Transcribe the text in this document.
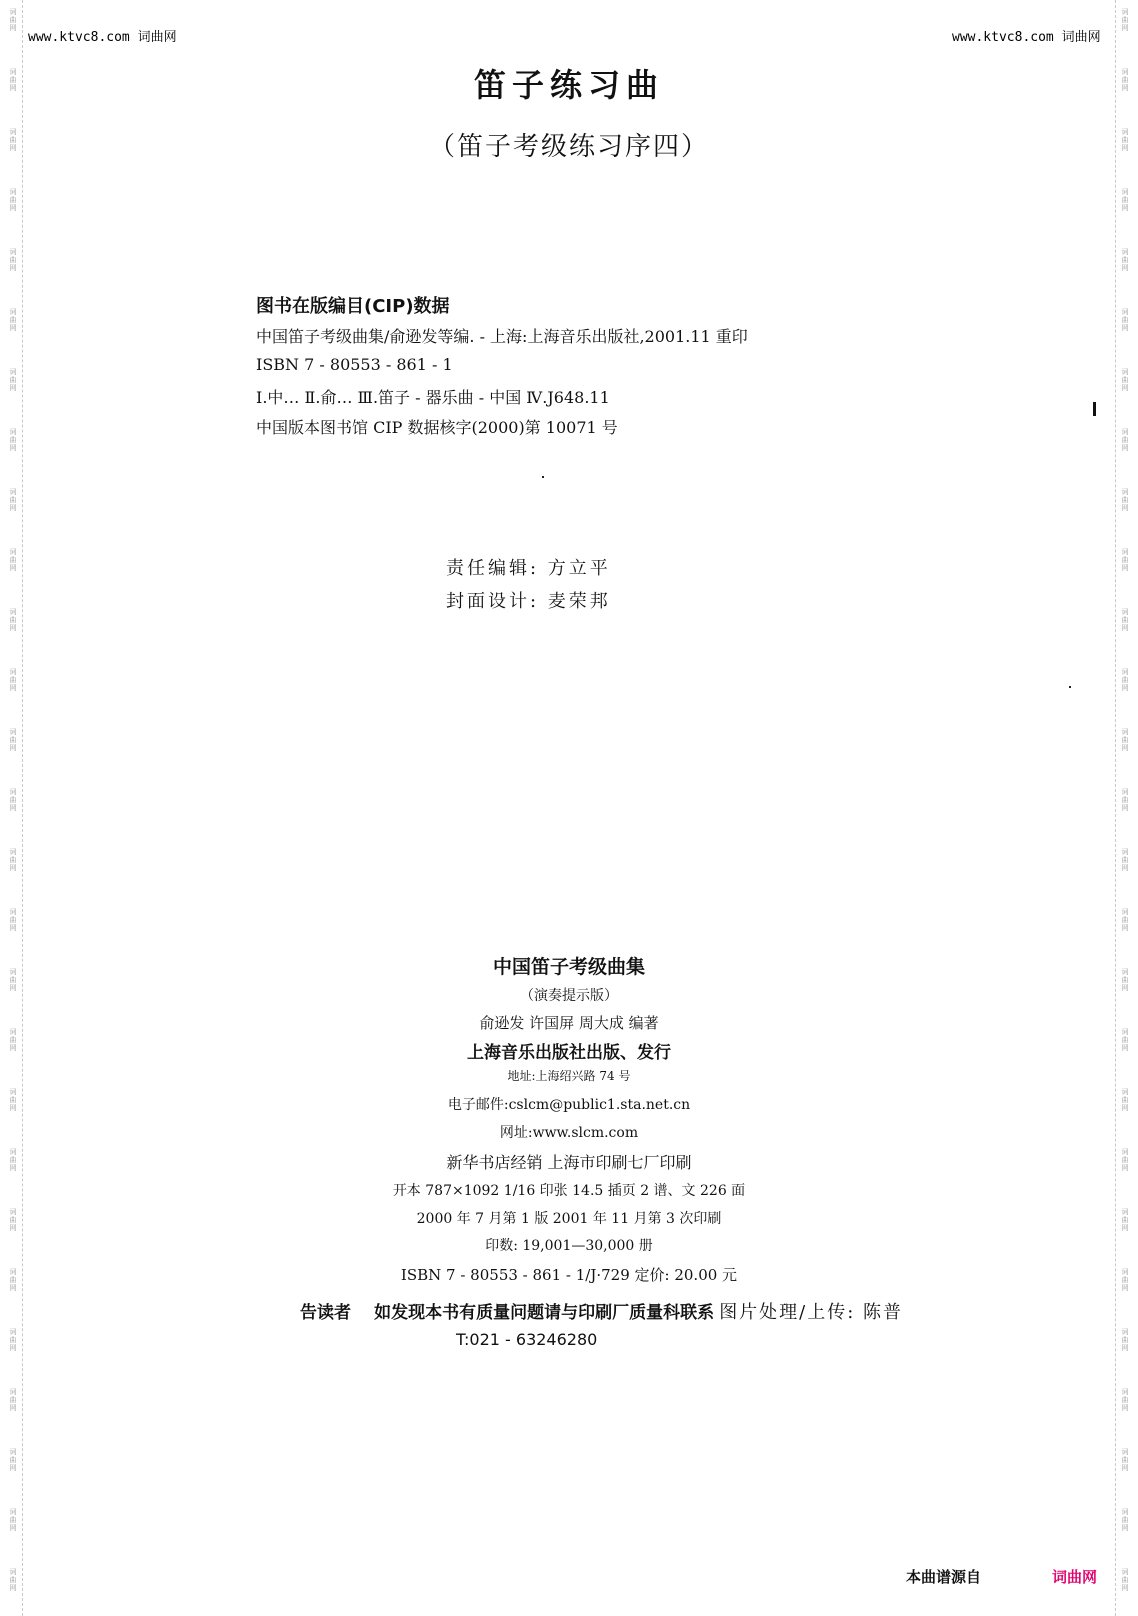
词
曲
网
词
曲
网
词
曲
网
词
曲
网
词
曲
网
词
曲
网
词
曲
网
词
曲
网
词
曲
网
词
曲
网
词
曲
网
词
曲
网
词
曲
网
词
曲
网
词
曲
网
词
曲
网
词
曲
网
词
曲
网
词
曲
网
词
曲
网
词
曲
网
词
曲
网
词
曲
网
词
曲
网
词
曲
网
词
曲
网
词
曲
网
词
曲
网
词
曲
网
词
曲
网
词
曲
网
词
曲
网
词
曲
网
词
曲
网
词
曲
网
词
曲
网
词
曲
网
词
曲
网
词
曲
网
词
曲
网
词
曲
网
词
曲
网
词
曲
网
词
曲
网
词
曲
网
词
曲
网
词
曲
网
词
曲
网
词
曲
网
词
曲
网
词
曲
网
词
曲
网
词
曲
网
词
曲
网
www.ktvc8.com 词曲网	www.ktvc8.com 词曲网
笛子练习曲
（笛子考级练习序四）
图书在版编目(CIP)数据
中国笛子考级曲集/俞逊发等编. - 上海:上海音乐出版社,2001.11 重印
ISBN 7 - 80553 - 861 - 1
Ⅰ.中… Ⅱ.俞… Ⅲ.笛子 - 器乐曲 - 中国 Ⅳ.J648.11
中国版本图书馆 CIP 数据核字(2000)第 10071 号
责任编辑: 方立平
封面设计: 麦荣邦
中国笛子考级曲集
（演奏提示版）
俞逊发 许国屏 周大成 编著
上海音乐出版社出版、发行
地址:上海绍兴路 74 号
电子邮件:cslcm@public1.sta.net.cn
网址:www.slcm.com
新华书店经销 上海市印刷七厂印刷
开本 787×1092 1/16 印张 14.5 插页 2 谱、文 226 面
2000 年 7 月第 1 版 2001 年 11 月第 3 次印刷
印数: 19,001—30,000 册
ISBN 7 - 80553 - 861 - 1/J·729 定价: 20.00 元
告读者 如发现本书有质量问题请与印刷厂质量科联系 图片处理/上传: 陈普
T:021 - 63246280
本曲谱源自	词曲网
